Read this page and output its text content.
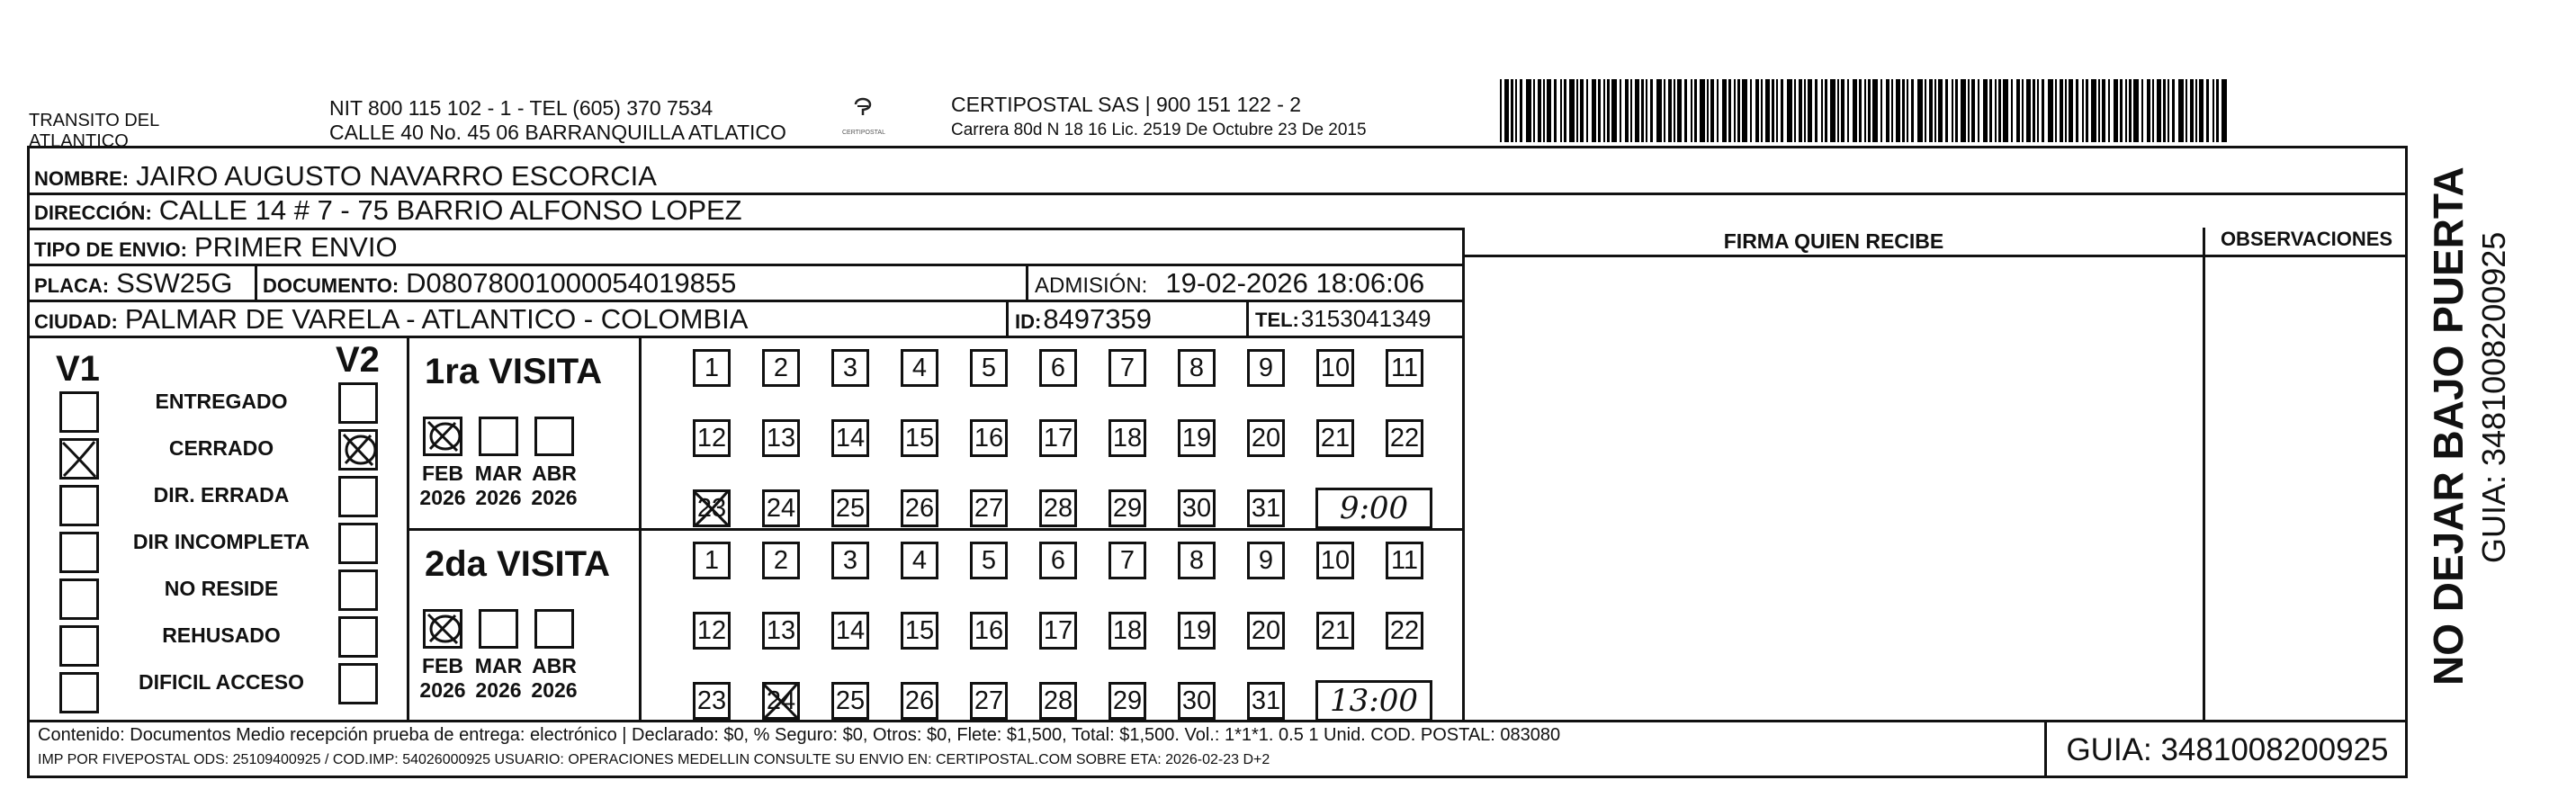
TRANSITO DEL ATLANTICO
NIT 800 115 102 - 1 - TEL (605) 370 7534
CALLE 40 No. 45 06 BARRANQUILLA ATLATICO	CERTIPOSTAL
CERTIPOSTAL SAS | 900 151 122 - 2
Carrera 80d N 18 16 Lic. 2519 De Octubre 23 De 2015
NOMBRE: JAIRO AUGUSTO NAVARRO ESCORCIA
DIRECCIÓN: CALLE 14 # 7 - 75 BARRIO ALFONSO LOPEZ
TIPO DE ENVIO: PRIMER ENVIO
PLACA: SSW25G DOCUMENTO: D08078001000054019855	ADMISIÓN: 19-02-2026 18:06:06
CIUDAD: PALMAR DE VARELA - ATLANTICO - COLOMBIA	ID: 8497359	TEL: 3153041349
FIRMA QUIEN RECIBE	OBSERVACIONES
V1	V2
ENTREGADO
CERRADO
DIR. ERRADA
DIR INCOMPLETA
NO RESIDE
REHUSADO
DIFICIL ACCESO
1ra VISITA
FEB
2026
MAR
2026
ABR
2026
1 2 3 4 5 6 7 8 9 10 11
12 13 14 15 16 17 18 19 20 21 22
23 24 25 26 27 28 29 30 31	9:00
2da VISITA
FEB
2026
MAR
2026
ABR
2026
1 2 3 4 5 6 7 8 9 10 11
12 13 14 15 16 17 18 19 20 21 22
23 24 25 26 27 28 29 30 31	13:00
Contenido: Documentos Medio recepción prueba de entrega: electrónico | Declarado: $0, % Seguro: $0, Otros: $0, Flete: $1,500, Total: $1,500. Vol.: 1*1*1. 0.5 1 Unid. COD. POSTAL: 083080
IMP POR FIVEPOSTAL ODS: 25109400925 / COD.IMP: 54026000925 USUARIO: OPERACIONES MEDELLIN CONSULTE SU ENVIO EN: CERTIPOSTAL.COM SOBRE ETA: 2026-02-23 D+2	GUIA: 3481008200925
NO DEJAR BAJO PUERTA GUIA: 3481008200925
